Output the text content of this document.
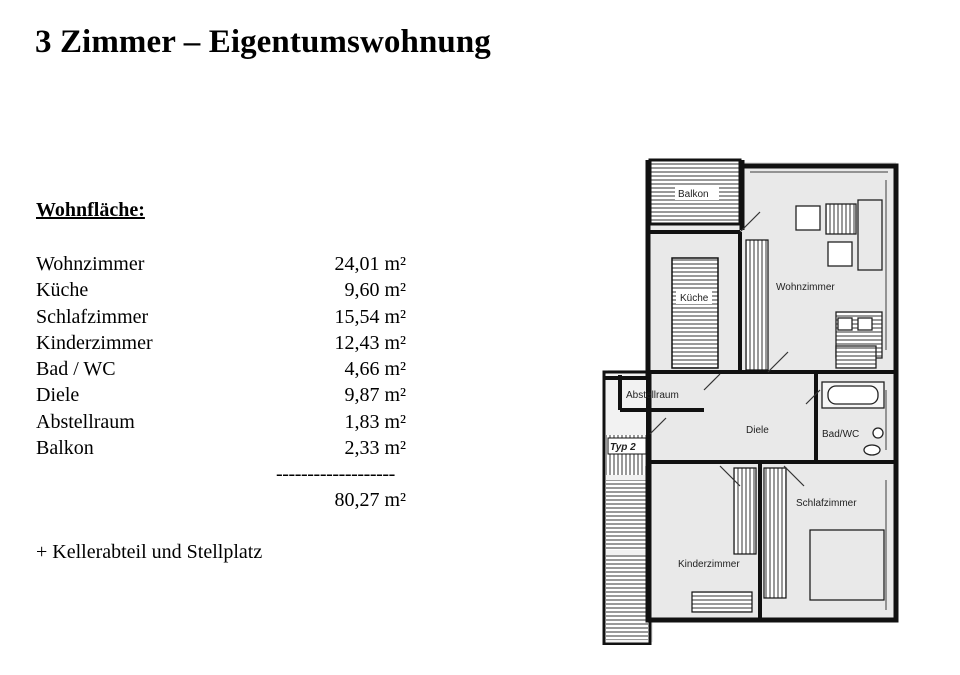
3 Zimmer – Eigentumswohnung
Wohnfläche:
Wohnzimmer	24,01 m²
Küche	9,60 m²
Schlafzimmer	15,54 m²
Kinderzimmer	12,43 m²
Bad / WC	4,66 m²
Diele	9,87 m²
Abstellraum	1,83 m²
Balkon	2,33 m²
-------------------
80,27 m²
+ Kellerabteil und Stellplatz
Balkon
Küche
Wohnzimmer
Abstellraum
Diele	Bad/WC
Typ 2
Schlafzimmer
Kinderzimmer
